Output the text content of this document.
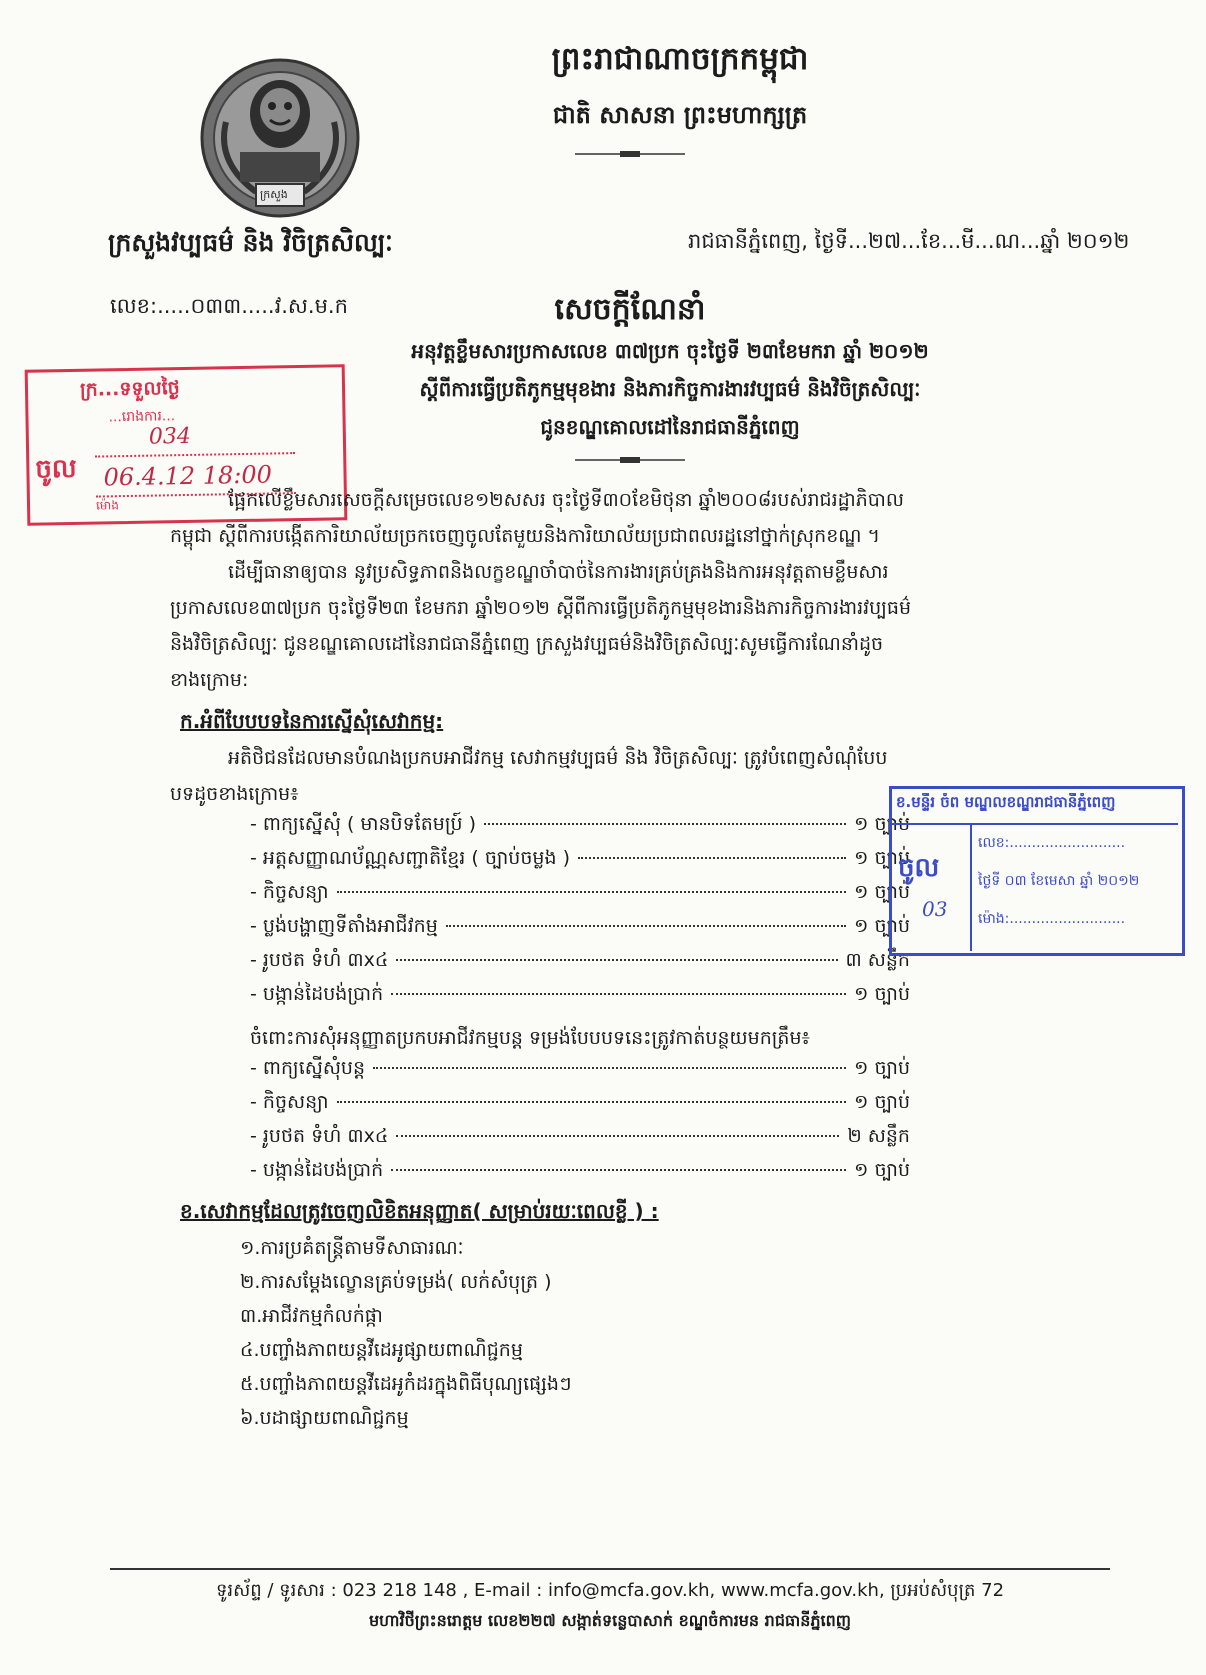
ក្រសួង
ព្រះរាជាណាចក្រកម្ពុជា
ជាតិ សាសនា ព្រះមហាក្សត្រ
ក្រសួងវប្បធម៌ និង វិចិត្រសិល្បៈ	រាជធានីភ្នំពេញ, ថ្ងៃទី...២៧...ខែ...មី...ណ...ឆ្នាំ ២០១២
លេខ:.....០៣៣.....វ.ស.ម.ក	សេចក្តីណែនាំ
អនុវត្តខ្លឹមសារប្រកាសលេខ ៣៧ប្រក ចុះថ្ងៃទី ២៣ខែមករា ឆ្នាំ ២០១២
ស្តីពីការធ្វើប្រតិភូកម្មមុខងារ និងភារកិច្ចការងារវប្បធម៌ និងវិចិត្រសិល្បៈ
ជូនខណ្ឌគោលដៅនៃរាជធានីភ្នំពេញ
ក្រ...ទទួលថ្ងៃ
...រោងការ...
ចូល
034
06.4.12 18:00
ម៉ោង	ផ្អែកលើខ្លឹមសារសេចក្តីសម្រេចលេខ១២សសរ ចុះថ្ងៃទី៣០ខែមិថុនា ឆ្នាំ២០០៨របស់រាជរដ្ឋាភិបាល
កម្ពុជា ស្តីពីការបង្កើតការិយាល័យច្រកចេញចូលតែមួយនិងការិយាល័យប្រជាពលរដ្ឋនៅថ្នាក់ស្រុកខណ្ឌ ។
ដើម្បីធានាឲ្យបាន នូវប្រសិទ្ធភាពនិងលក្ខខណ្ឌចាំបាច់នៃការងារគ្រប់គ្រងនិងការអនុវត្តតាមខ្លឹមសារ
ប្រកាសលេខ៣៧ប្រក ចុះថ្ងៃទី២៣ ខែមករា ឆ្នាំ២០១២ ស្តីពីការធ្វើប្រតិភូកម្មមុខងារនិងភារកិច្ចការងារវប្បធម៌
និងវិចិត្រសិល្បៈ ជូនខណ្ឌគោលដៅនៃរាជធានីភ្នំពេញ ក្រសួងវប្បធម៌និងវិចិត្រសិល្បៈសូមធ្វើការណែនាំដូច
ខាងក្រោម:
ក.អំពីបែបបទនៃការស្នើសុំសេវាកម្ម:
អតិថិជនដែលមានបំណងប្រកបអាជីវកម្ម សេវាកម្មវប្បធម៌ និង វិចិត្រសិល្បៈ ត្រូវបំពេញសំណុំបែប
បទដូចខាងក្រោម៖
- ពាក្យស្នើសុំ ( មានបិទតែមប្រ៍ )	១ ច្បាប់
- អត្តសញ្ញាណប័ណ្ណសញ្ជាតិខ្មែរ ( ច្បាប់ចម្លង )	១ ច្បាប់
- កិច្ចសន្យា	១ ច្បាប់
- ប្លង់បង្ហាញទីតាំងអាជីវកម្ម	១ ច្បាប់
- រូបថត ទំហំ ៣x៤	៣ សន្លឹក
- បង្កាន់ដៃបង់ប្រាក់	១ ច្បាប់
ចំពោះការសុំអនុញ្ញាតប្រកបអាជីវកម្មបន្ត ទម្រង់បែបបទនេះត្រូវកាត់បន្ថយមកត្រឹម៖
- ពាក្យស្នើសុំបន្ត	១ ច្បាប់
- កិច្ចសន្យា	១ ច្បាប់
- រូបថត ទំហំ ៣x៤	២ សន្លឹក
- បង្កាន់ដៃបង់ប្រាក់	១ ច្បាប់
ខ.មន្ទីរ ចំព មណ្ឌលខណ្ឌរាជធានីភ្នំពេញ
ចូល
លេខ:..........................
ថ្ងៃទី ០៣ ខែមេសា ឆ្នាំ ២០១២
ម៉ោង:..........................
03
ខ.សេវាកម្មដែលត្រូវចេញលិខិតអនុញ្ញាត( សម្រាប់រយៈពេលខ្លី ) :
១.ការប្រគំតន្ត្រីតាមទីសាធារណៈ
២.ការសម្តែងល្ខោនគ្រប់ទម្រង់( លក់សំបុត្រ )
៣.អាជីវកម្មកំលក់ផ្កា
៤.បញ្ចាំងភាពយន្តវីដេអូផ្សាយពាណិជ្ជកម្ម
៥.បញ្ចាំងភាពយន្តវីដេអូកំដរក្នុងពិធីបុណ្យផ្សេងៗ
៦.បដាផ្សាយពាណិជ្ជកម្ម
ទូរស័ព្ទ / ទូរសារ : 023 218 148 , E-mail : info@mcfa.gov.kh, www.mcfa.gov.kh, ប្រអប់សំបុត្រ 72
មហាវិថីព្រះនរោត្តម លេខ២២៧ សង្កាត់ទន្លេបាសាក់ ខណ្ឌចំការមន រាជធានីភ្នំពេញ
